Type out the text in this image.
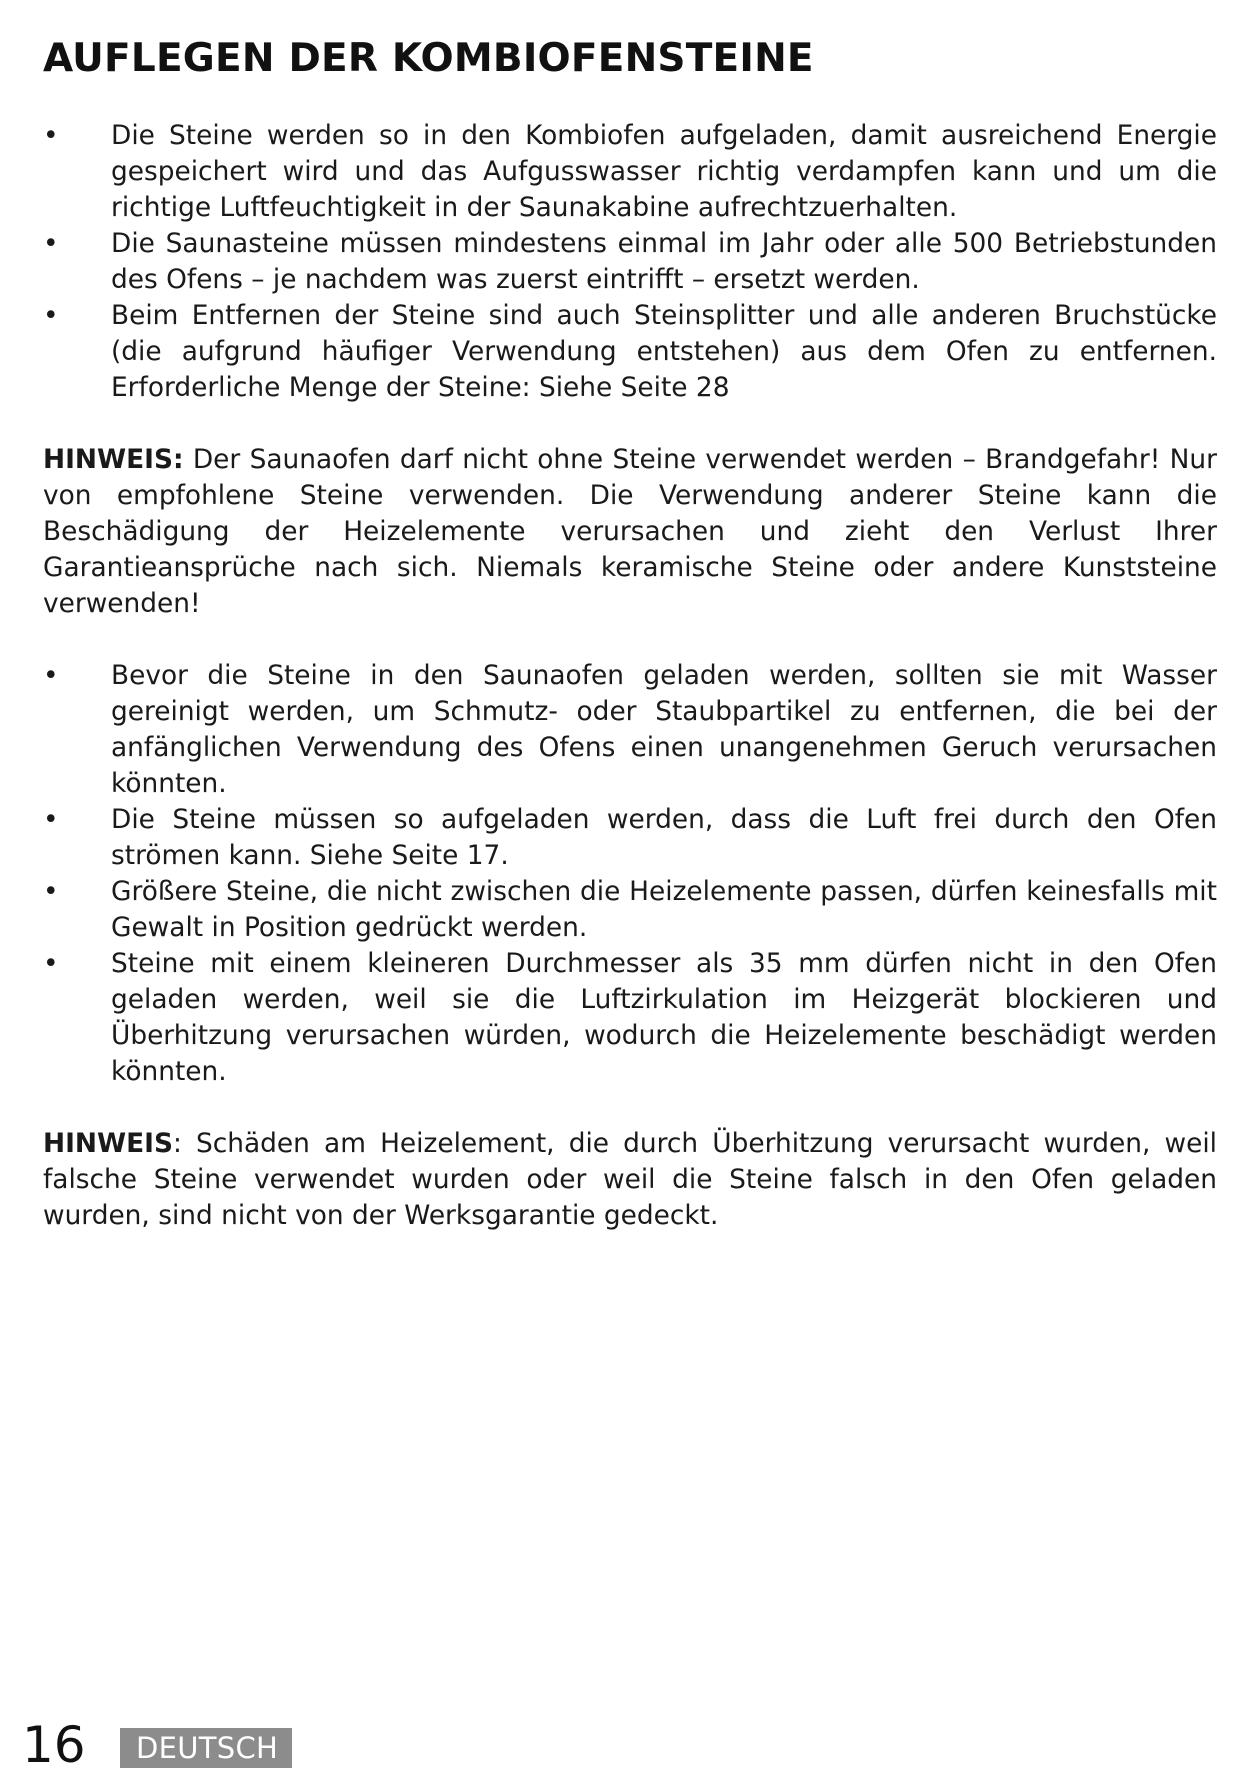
AUFLEGEN DER KOMBIOFENSTEINE
• Die Steine werden so in den Kombiofen aufgeladen, damit ausreichend Energie gespeichert wird und das Aufgusswasser richtig verdampfen kann und um die richtige Luftfeuchtigkeit in der Saunakabine aufrechtzuerhalten.
• Die Saunasteine müssen mindestens einmal im Jahr oder alle 500 Betriebstunden des Ofens – je nachdem was zuerst eintrifft – ersetzt werden.
• Beim Entfernen der Steine sind auch Steinsplitter und alle anderen Bruchstücke (die aufgrund häufiger Verwendung entstehen) aus dem Ofen zu entfernen. Erforderliche Menge der Steine: Siehe Seite 28

HINWEIS: Der Saunaofen darf nicht ohne Steine verwendet werden – Brandgefahr! Nur von empfohlene Steine verwenden. Die Verwendung anderer Steine kann die Beschädigung der Heizelemente verursachen und zieht den Verlust Ihrer Garantieansprüche nach sich. Niemals keramische Steine oder andere Kunststeine verwenden!

• Bevor die Steine in den Saunaofen geladen werden, sollten sie mit Wasser gereinigt werden, um Schmutz- oder Staubpartikel zu entfernen, die bei der anfänglichen Verwendung des Ofens einen unangenehmen Geruch verursachen könnten.
• Die Steine müssen so aufgeladen werden, dass die Luft frei durch den Ofen strömen kann. Siehe Seite 17.
• Größere Steine, die nicht zwischen die Heizelemente passen, dürfen keinesfalls mit Gewalt in Position gedrückt werden.
• Steine mit einem kleineren Durchmesser als 35 mm dürfen nicht in den Ofen geladen werden, weil sie die Luftzirkulation im Heizgerät blockieren und Überhitzung verursachen würden, wodurch die Heizelemente beschädigt werden könnten.

HINWEIS: Schäden am Heizelement, die durch Überhitzung verursacht wurden, weil falsche Steine verwendet wurden oder weil die Steine falsch in den Ofen geladen wurden, sind nicht von der Werksgarantie gedeckt.

16	DEUTSCH
